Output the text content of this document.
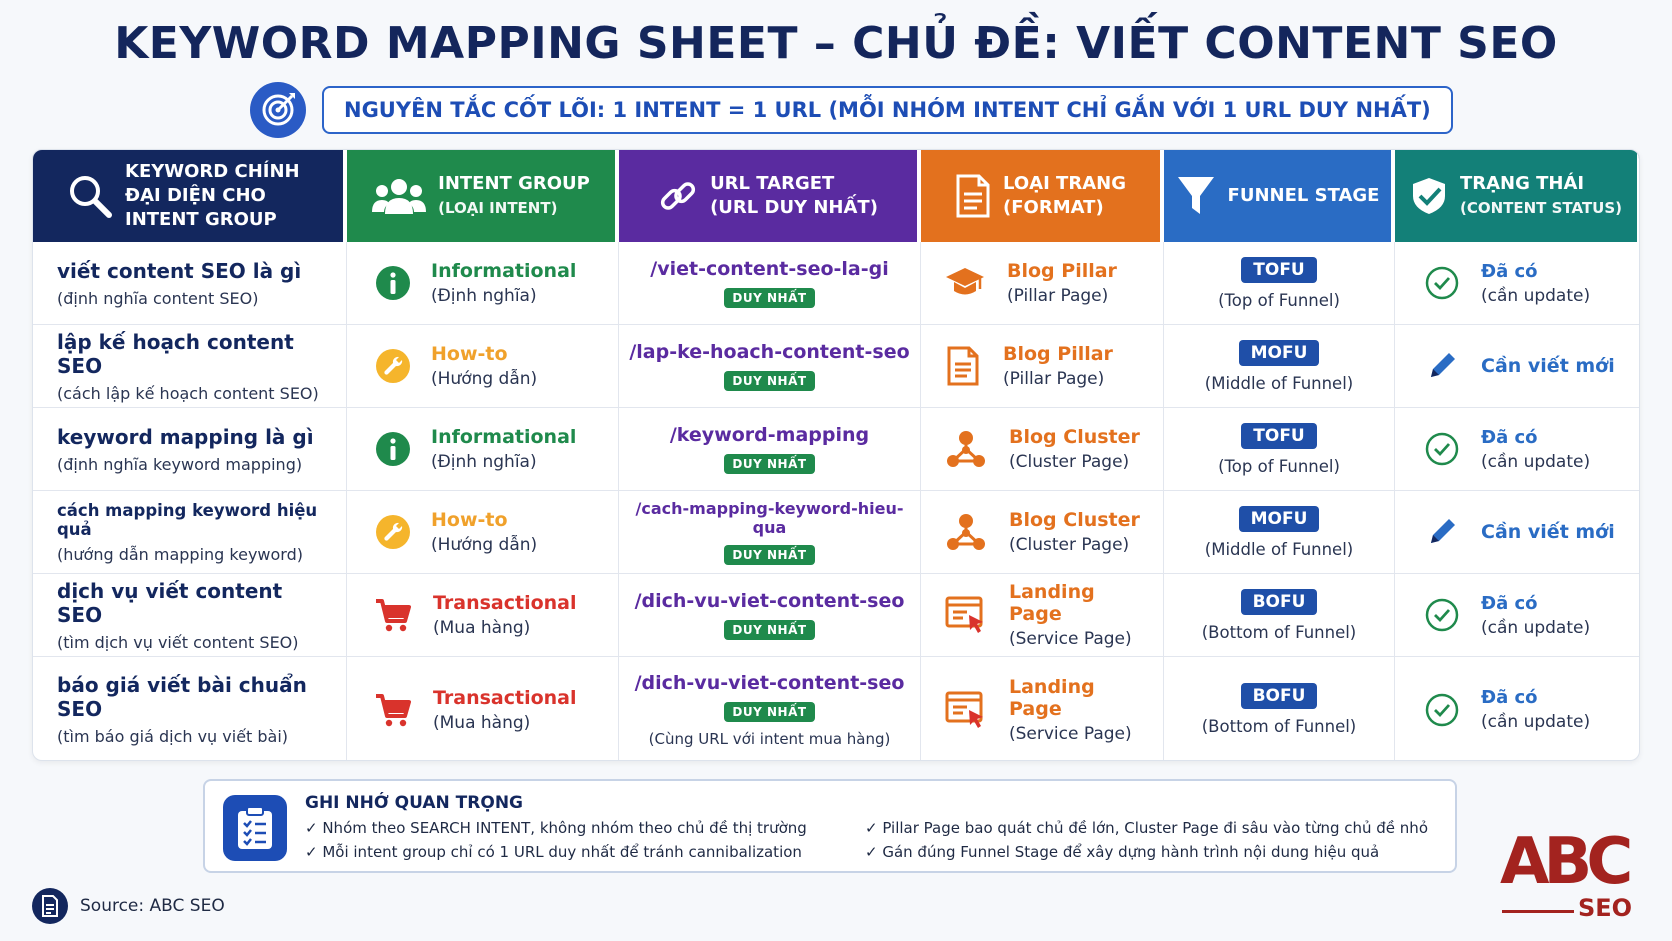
KEYWORD MAPPING SHEET – CHỦ ĐỀ: VIẾT CONTENT SEO
NGUYÊN TẮC CỐT LÕI: 1 INTENT = 1 URL (MỖI NHÓM INTENT CHỈ GẮN VỚI 1 URL DUY NHẤT)
KEYWORD CHÍNH
ĐẠI DIỆN CHO
INTENT GROUP
INTENT GROUP
(LOẠI INTENT)
URL TARGET
(URL DUY NHẤT)
LOẠI TRANG
(FORMAT)
FUNNEL STAGE
TRẠNG THÁI
(CONTENT STATUS)
viết content SEO là gì
(định nghĩa content SEO)
Informational
(Định nghĩa)
/viet-content-seo-la-gi
DUY NHẤT
Blog Pillar
(Pillar Page)
TOFU
(Top of Funnel)
Đã có
(cần update)
lập kế hoạch content SEO
(cách lập kế hoạch content SEO)
How-to
(Hướng dẫn)
/lap-ke-hoach-content-seo
DUY NHẤT
Blog Pillar
(Pillar Page)
MOFU
(Middle of Funnel)
Cần viết mới
keyword mapping là gì
(định nghĩa keyword mapping)
Informational
(Định nghĩa)
/keyword-mapping
DUY NHẤT
Blog Cluster
(Cluster Page)
TOFU
(Top of Funnel)
Đã có
(cần update)
cách mapping keyword hiệu quả
(hướng dẫn mapping keyword)
How-to
(Hướng dẫn)
/cach-mapping-keyword-hieu-qua
DUY NHẤT
Blog Cluster
(Cluster Page)
MOFU
(Middle of Funnel)
Cần viết mới
dịch vụ viết content SEO
(tìm dịch vụ viết content SEO)
Transactional
(Mua hàng)
/dich-vu-viet-content-seo
DUY NHẤT
Landing Page
(Service Page)
BOFU
(Bottom of Funnel)
Đã có
(cần update)
báo giá viết bài chuẩn SEO
(tìm báo giá dịch vụ viết bài)
Transactional
(Mua hàng)
/dich-vu-viet-content-seo
DUY NHẤT
(Cùng URL với intent mua hàng)
Landing Page
(Service Page)
BOFU
(Bottom of Funnel)
Đã có
(cần update)
GHI NHỚ QUAN TRỌNG
✓ Nhóm theo SEARCH INTENT, không nhóm theo chủ đề thị trường
✓ Mỗi intent group chỉ có 1 URL duy nhất để tránh cannibalization
✓ Pillar Page bao quát chủ đề lớn, Cluster Page đi sâu vào từng chủ đề nhỏ
✓ Gán đúng Funnel Stage để xây dựng hành trình nội dung hiệu quả
Source: ABC SEO
ABC
SEO
